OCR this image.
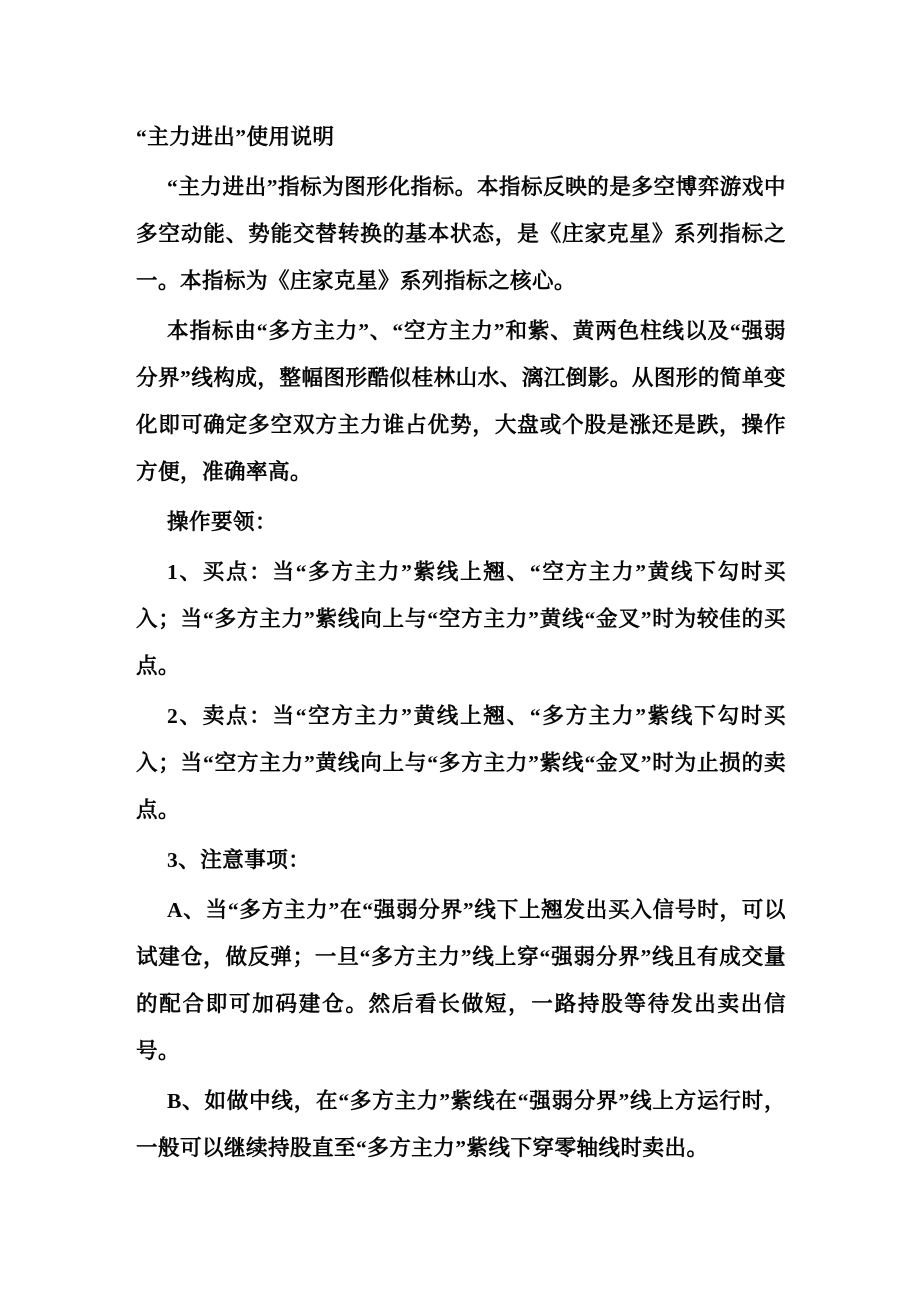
“主力进出”使用说明

“主力进出”指标为图形化指标。本指标反映的是多空博弈游戏中多空动能、势能交替转换的基本状态，是《庄家克星》系列指标之一。本指标为《庄家克星》系列指标之核心。

本指标由“多方主力”、“空方主力”和紫、黄两色柱线以及“强弱分界”线构成，整幅图形酷似桂林山水、漓江倒影。从图形的简单变化即可确定多空双方主力谁占优势，大盘或个股是涨还是跌，操作方便，准确率高。

操作要领：

1、买点：当“多方主力”紫线上翘、“空方主力”黄线下勾时买入；当“多方主力”紫线向上与“空方主力”黄线“金叉”时为较佳的买点。

2、卖点：当“空方主力”黄线上翘、“多方主力”紫线下勾时买入；当“空方主力”黄线向上与“多方主力”紫线“金叉”时为止损的卖点。

3、注意事项：

A、当“多方主力”在“强弱分界”线下上翘发出买入信号时，可以试建仓，做反弹；一旦“多方主力”线上穿“强弱分界”线且有成交量的配合即可加码建仓。然后看长做短，一路持股等待发出卖出信号。

B、如做中线，在“多方主力”紫线在“强弱分界”线上方运行时，一般可以继续持股直至“多方主力”紫线下穿零轴线时卖出。
